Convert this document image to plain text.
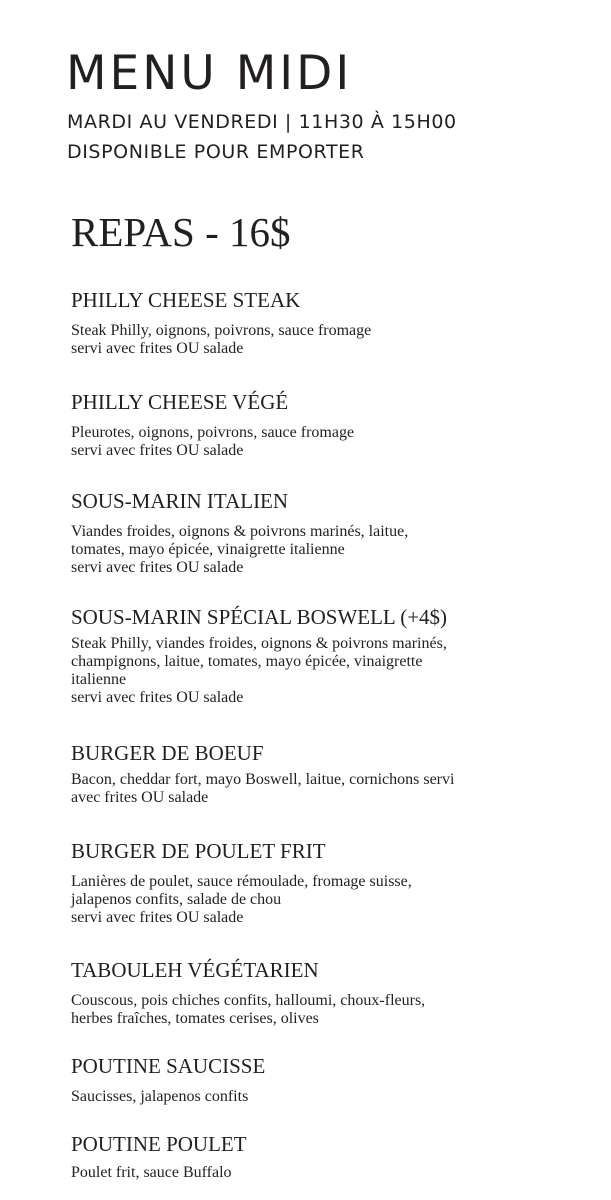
MENU MIDI

MARDI AU VENDREDI | 11H30 À 15H00

DISPONIBLE POUR EMPORTER

REPAS - 16$
PHILLY CHEESE STEAK

Steak Philly, oignons, poivrons, sauce fromage
servi avec frites OU salade

PHILLY CHEESE VÉGÉ

Pleurotes, oignons, poivrons, sauce fromage
servi avec frites OU salade

SOUS-MARIN ITALIEN

Viandes froides, oignons & poivrons marinés, laitue,
tomates, mayo épicée, vinaigrette italienne
servi avec frites OU salade

SOUS-MARIN SPÉCIAL BOSWELL (+4$)

Steak Philly, viandes froides, oignons & poivrons marinés,
champignons, laitue, tomates, mayo épicée, vinaigrette
italienne
servi avec frites OU salade

BURGER DE BOEUF

Bacon, cheddar fort, mayo Boswell, laitue, cornichons servi
avec frites OU salade

BURGER DE POULET FRIT

Lanières de poulet, sauce rémoulade, fromage suisse,
jalapenos confits, salade de chou
servi avec frites OU salade

TABOULEH VÉGÉTARIEN

Couscous, pois chiches confits, halloumi, choux-fleurs,
herbes fraîches, tomates cerises, olives

POUTINE SAUCISSE

Saucisses, jalapenos confits

POUTINE POULET

Poulet frit, sauce Buffalo
